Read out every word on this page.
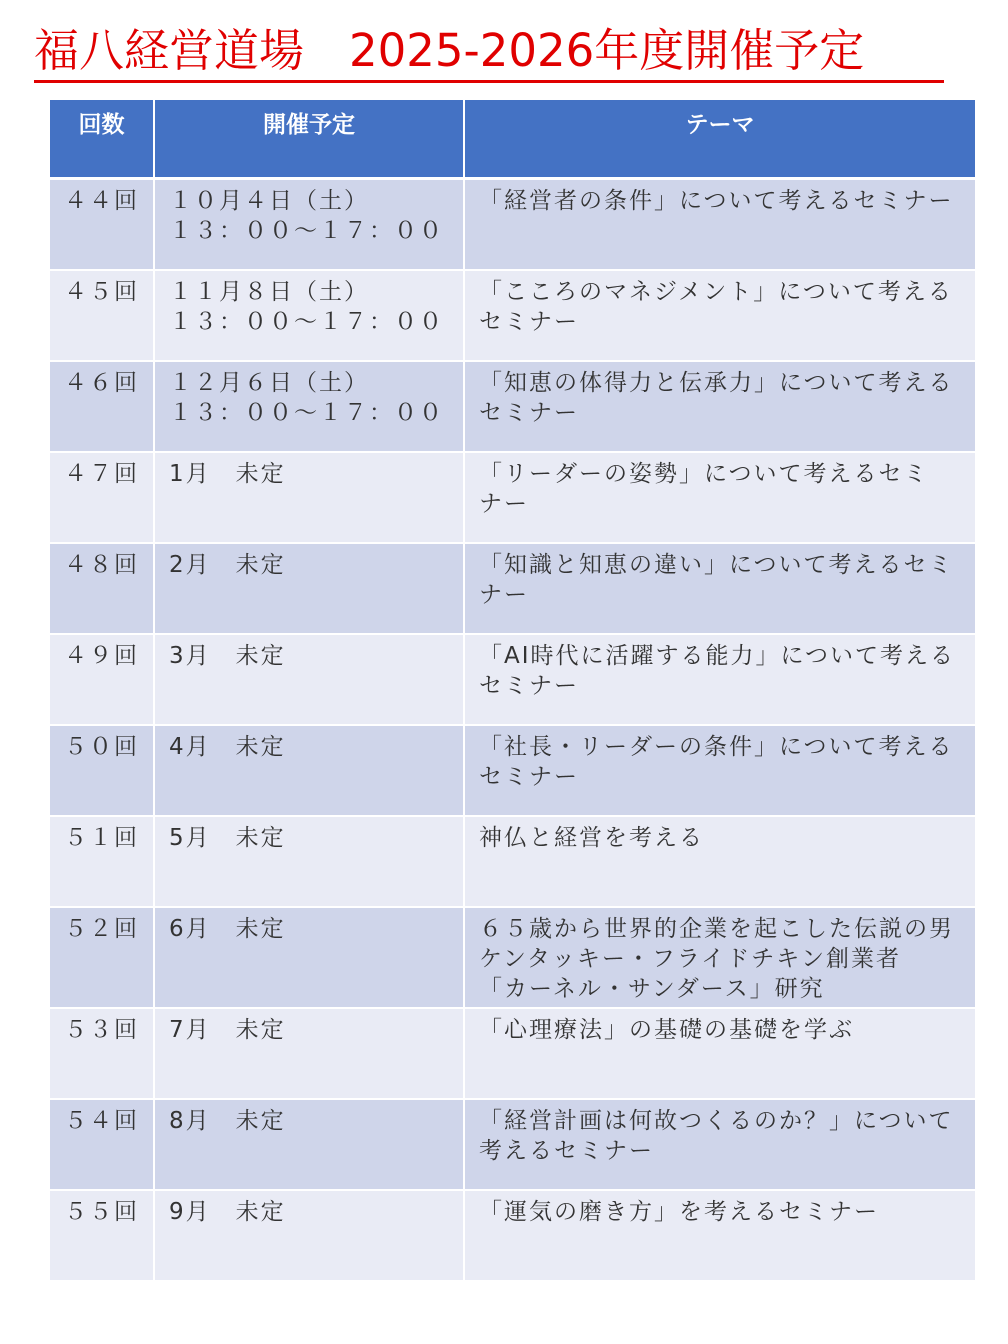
福八経営道場　2025-2026年度開催予定
回数	開催予定	テーマ
４４回	１０月４日（土）
１３：００～１７：００	「経営者の条件」について考えるセミナー

４５回	１１月８日（土）
１３：００～１７：００	「こころのマネジメント」について考える
セミナー

４６回	１２月６日（土）
１３：００～１７：００	「知恵の体得力と伝承力」について考える
セミナー

４７回	1月　未定	「リーダーの姿勢」について考えるセミ
ナー

４８回	2月　未定	「知識と知恵の違い」について考えるセミ
ナー

４９回	3月　未定	「AI時代に活躍する能力」について考える
セミナー

５０回	4月　未定	「社長・リーダーの条件」について考える
セミナー

５１回	5月　未定	神仏と経営を考える

５２回	6月　未定	６５歳から世界的企業を起こした伝説の男
ケンタッキー・フライドチキン創業者
「カーネル・サンダース」研究

５３回	7月　未定	「心理療法」の基礎の基礎を学ぶ

５４回	8月　未定	「経営計画は何故つくるのか？」について
考えるセミナー

５５回	9月　未定	「運気の磨き方」を考えるセミナー
